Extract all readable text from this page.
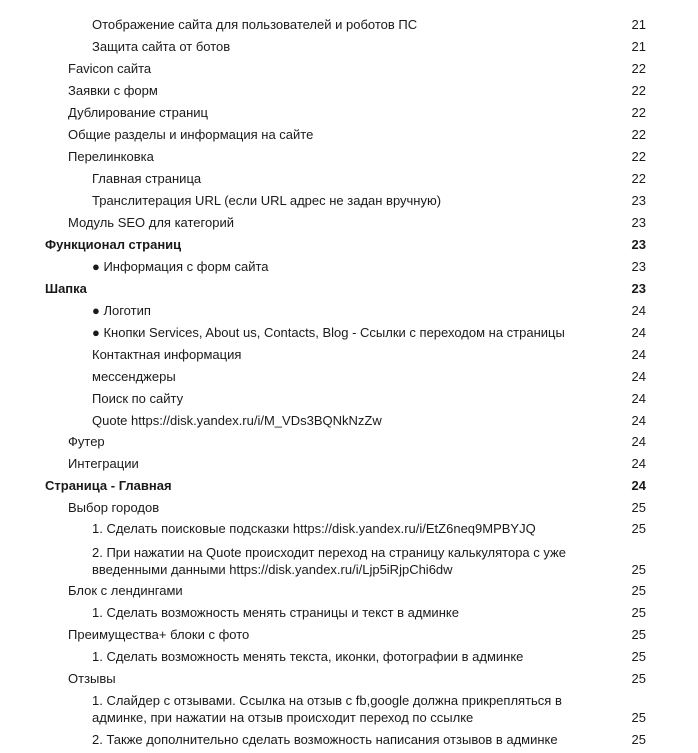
Отображение сайта для пользователей и роботов ПС	21
Защита сайта от ботов	21
Favicon сайта	22
Заявки с форм	22
Дублирование страниц	22
Общие разделы и информация на сайте	22
Перелинковка	22
Главная страница	22
Транслитерация URL (если URL адрес не задан вручную)	23
Модуль SEO для категорий	23
Функционал страниц	23
● Информация с форм сайта	23
Шапка	23
● Логотип	24
● Кнопки Services, About us, Contacts, Blog - Ссылки с переходом на страницы	24
Контактная информация	24
мессенджеры	24
Поиск по сайту	24
Quote https://disk.yandex.ru/i/M_VDs3BQNkNzZw	24
Футер	24
Интеграции	24
Страница - Главная	24
Выбор городов	25
1. Сделать поисковые подсказки https://disk.yandex.ru/i/EtZ6neq9MPBYJQ	25
2. При нажатии на Quote происходит переход на страницу калькулятора с уже введенными данными https://disk.yandex.ru/i/Ljp5iRjpChi6dw	25
Блок с лендингами	25
1. Сделать возможность менять страницы и текст в админке	25
Преимущества+ блоки с фото	25
1. Сделать возможность менять текста, иконки, фотографии в админке	25
Отзывы	25
1. Слайдер с отзывами. Ссылка на отзыв с fb,google должна прикрепляться в админке, при нажатии на отзыв происходит переход по ссылке	25
2. Также дополнительно сделать возможность написания отзывов в админке	25
